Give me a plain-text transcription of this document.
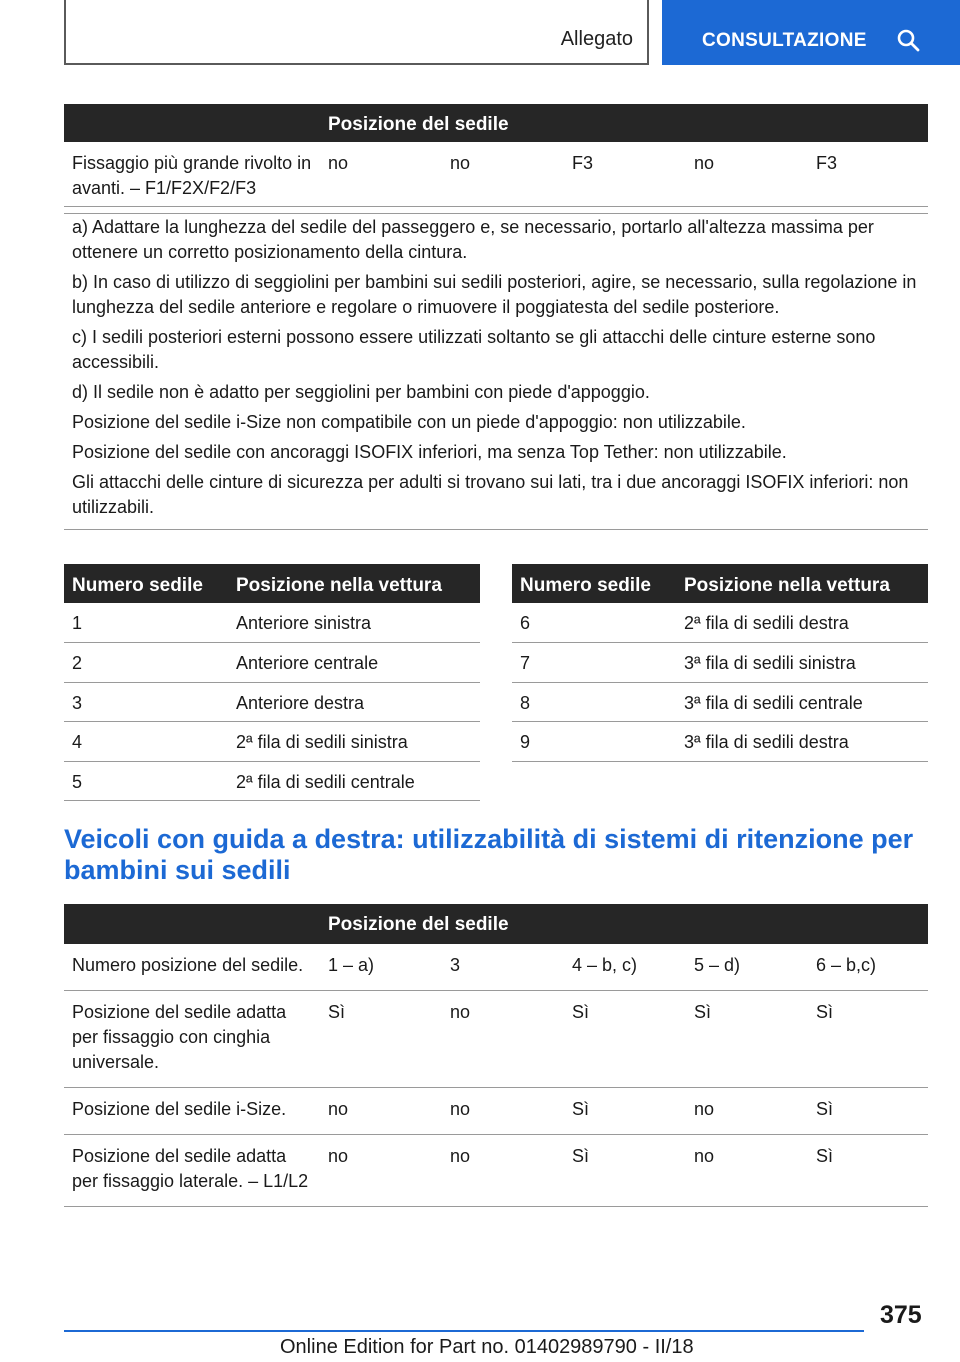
Allegato	CONSULTAZIONE
Posizione del sedile
Fissaggio più grande rivolto in avanti. – F1/F2X/F2/F3	no	no	F3	no	F3

a) Adattare la lunghezza del sedile del passeggero e, se necessario, portarlo all'altezza massima per ottenere un corretto posizionamento della cintura.

b) In caso di utilizzo di seggiolini per bambini sui sedili posteriori, agire, se necessario, sulla regolazione in lunghezza del sedile anteriore e regolare o rimuovere il poggiatesta del sedile posteriore.

c) I sedili posteriori esterni possono essere utilizzati soltanto se gli attacchi delle cinture esterne sono accessibili.

d) Il sedile non è adatto per seggiolini per bambini con piede d'appoggio.

Posizione del sedile i-Size non compatibile con un piede d'appoggio: non utilizzabile.

Posizione del sedile con ancoraggi ISOFIX inferiori, ma senza Top Tether: non utilizzabile.

Gli attacchi delle cinture di sicurezza per adulti si trovano sui lati, tra i due ancoraggi ISOFIX inferiori: non utilizzabili.

Numero sedile	Posizione nella vettura
1	Anteriore sinistra
2	Anteriore centrale
3	Anteriore destra
4	2ª fila di sedili sinistra
5	2ª fila di sedili centrale
Numero sedile	Posizione nella vettura
6	2ª fila di sedili destra
7	3ª fila di sedili sinistra
8	3ª fila di sedili centrale
9	3ª fila di sedili destra
Veicoli con guida a destra: utilizzabilità di sistemi di ritenzione per bambini sui sedili
Posizione del sedile					
Numero posizione del sedile.	1 – a)	3	4 – b, c)	5 – d)	6 – b,c)
Posizione del sedile adatta per fissaggio con cinghia universale.	Sì	no	Sì	Sì	Sì
Posizione del sedile i-Size.	no	no	Sì	no	Sì
Posizione del sedile adatta per fissaggio laterale. – L1/L2	no	no	Sì	no	Sì
375
Online Edition for Part no. 01402989790 - II/18
